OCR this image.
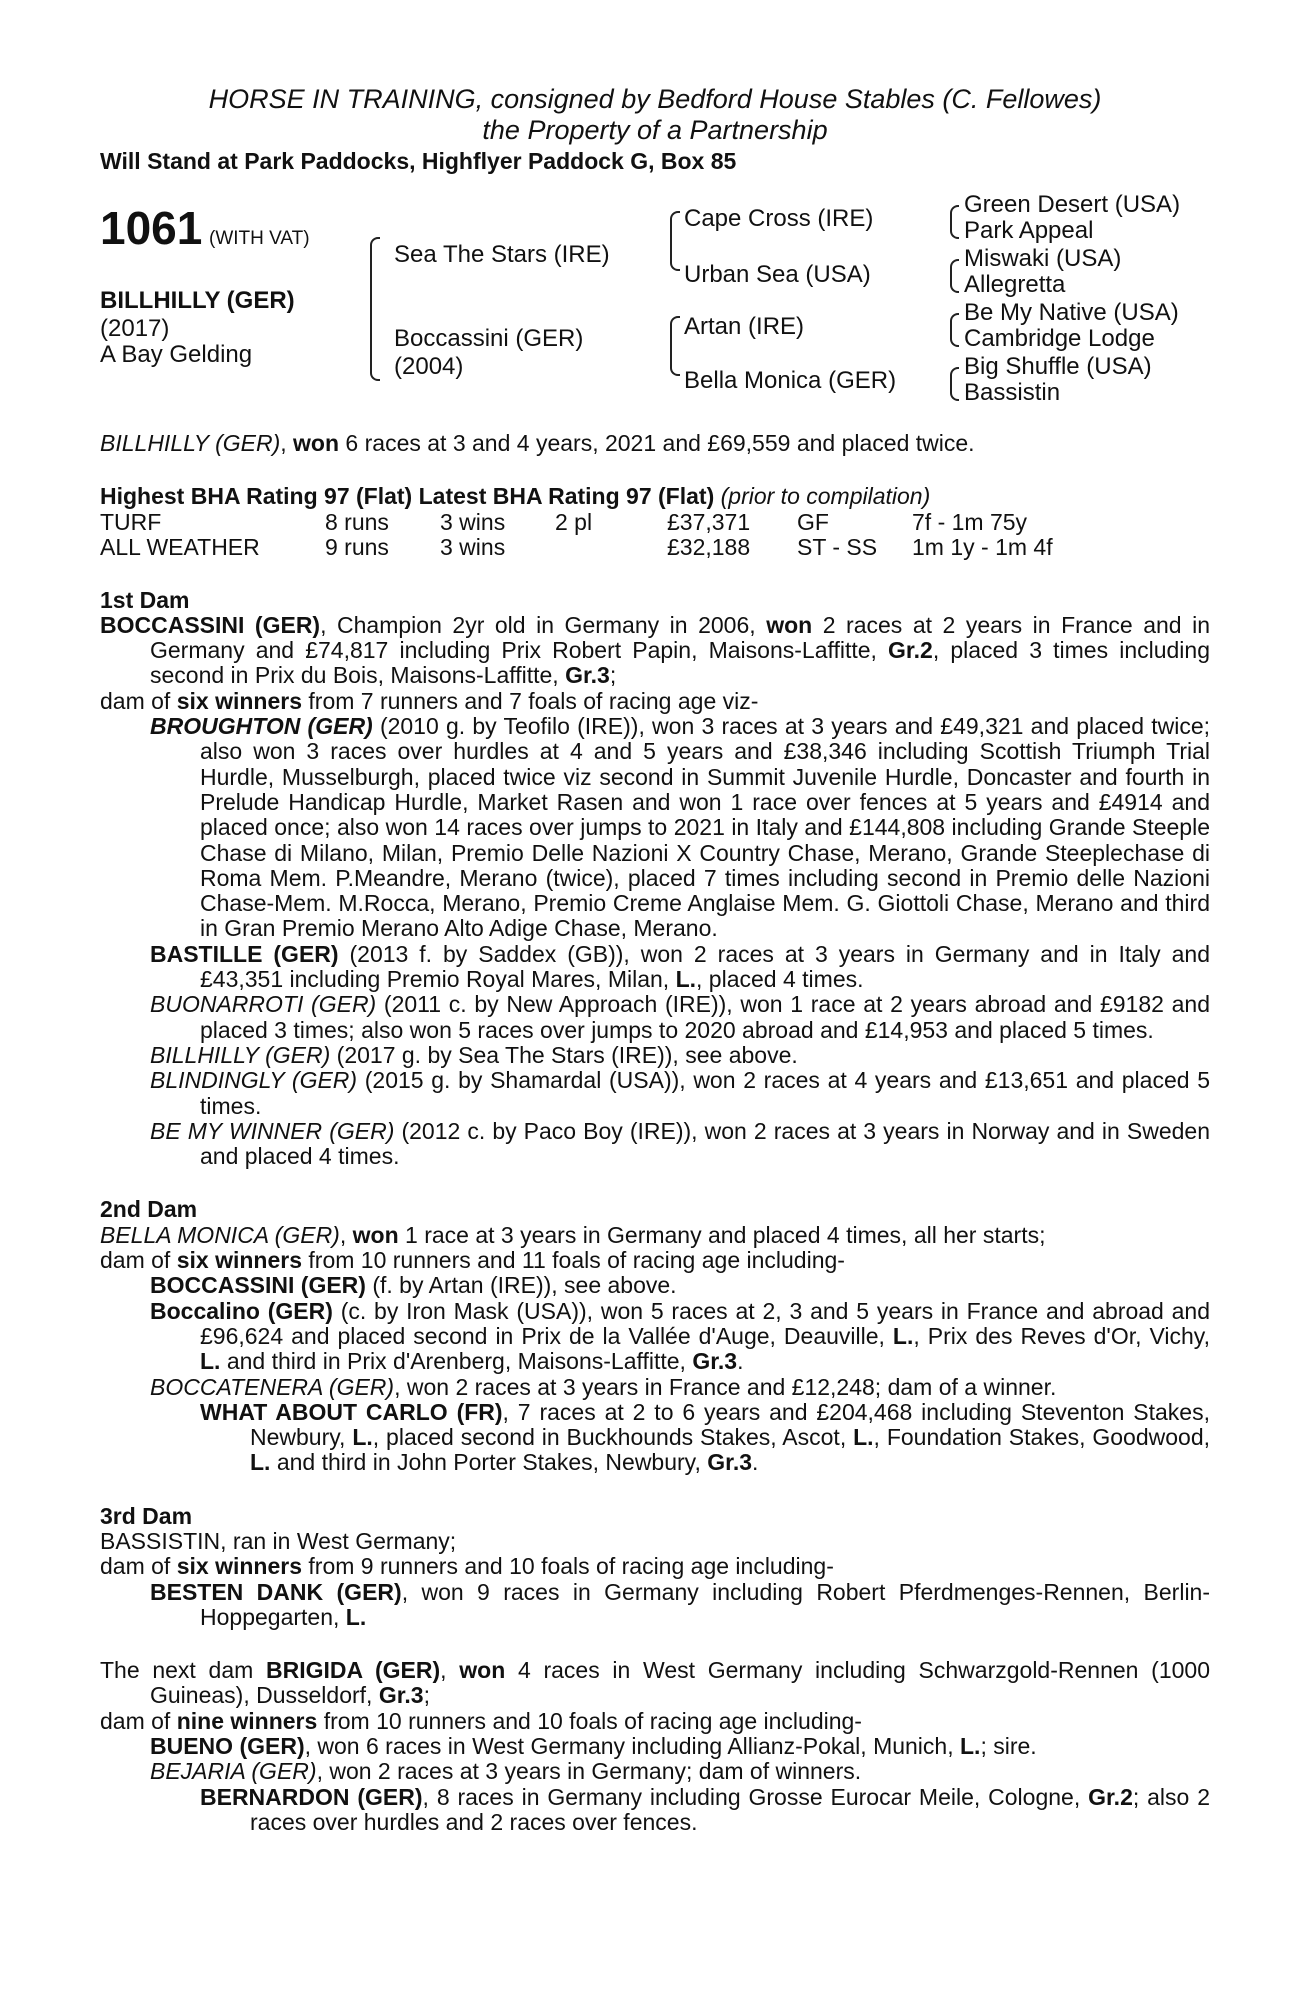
HORSE IN TRAINING, consigned by Bedford House Stables (C. Fellowes)
the Property of a Partnership
Will Stand at Park Paddocks, Highflyer Paddock G, Box 85
1061 (WITH VAT)
BILLHILLY (GER)
(2017)
A Bay Gelding
Sea The Stars (IRE)
Boccassini (GER)
(2004)
Cape Cross (IRE)
Urban Sea (USA)
Artan (IRE)
Bella Monica (GER)
Green Desert (USA)
Park Appeal
Miswaki (USA)
Allegretta
Be My Native (USA)
Cambridge Lodge
Big Shuffle (USA)
Bassistin
BILLHILLY (GER), won 6 races at 3 and 4 years, 2021 and £69,559 and placed twice.
Highest BHA Rating 97 (Flat) Latest BHA Rating 97 (Flat) (prior to compilation)
TURF	8 runs	3 wins	2 pl	£37,371	GF	7f - 1m 75y
ALL WEATHER	9 runs	3 wins	£32,188	ST - SS	1m 1y - 1m 4f
1st Dam
BOCCASSINI (GER), Champion 2yr old in Germany in 2006, won 2 races at 2 years in France and in Germany and £74,817 including Prix Robert Papin, Maisons-Laffitte, Gr.2, placed 3 times including second in Prix du Bois, Maisons-Laffitte, Gr.3;
dam of six winners from 7 runners and 7 foals of racing age viz-
BROUGHTON (GER) (2010 g. by Teofilo (IRE)), won 3 races at 3 years and £49,321 and placed twice; also won 3 races over hurdles at 4 and 5 years and £38,346 including Scottish Triumph Trial Hurdle, Musselburgh, placed twice viz second in Summit Juvenile Hurdle, Doncaster and fourth in Prelude Handicap Hurdle, Market Rasen and won 1 race over fences at 5 years and £4914 and placed once; also won 14 races over jumps to 2021 in Italy and £144,808 including Grande Steeple Chase di Milano, Milan, Premio Delle Nazioni X Country Chase, Merano, Grande Steeplechase di Roma Mem. P.Meandre, Merano (twice), placed 7 times including second in Premio delle Nazioni Chase-Mem. M.Rocca, Merano, Premio Creme Anglaise Mem. G. Giottoli Chase, Merano and third in Gran Premio Merano Alto Adige Chase, Merano.
BASTILLE (GER) (2013 f. by Saddex (GB)), won 2 races at 3 years in Germany and in Italy and £43,351 including Premio Royal Mares, Milan, L., placed 4 times.
BUONARROTI (GER) (2011 c. by New Approach (IRE)), won 1 race at 2 years abroad and £9182 and placed 3 times; also won 5 races over jumps to 2020 abroad and £14,953 and placed 5 times.
BILLHILLY (GER) (2017 g. by Sea The Stars (IRE)), see above.
BLINDINGLY (GER) (2015 g. by Shamardal (USA)), won 2 races at 4 years and £13,651 and placed 5 times.
BE MY WINNER (GER) (2012 c. by Paco Boy (IRE)), won 2 races at 3 years in Norway and in Sweden and placed 4 times.
2nd Dam
BELLA MONICA (GER), won 1 race at 3 years in Germany and placed 4 times, all her starts;
dam of six winners from 10 runners and 11 foals of racing age including-
BOCCASSINI (GER) (f. by Artan (IRE)), see above.
Boccalino (GER) (c. by Iron Mask (USA)), won 5 races at 2, 3 and 5 years in France and abroad and £96,624 and placed second in Prix de la Vallée d'Auge, Deauville, L., Prix des Reves d'Or, Vichy, L. and third in Prix d'Arenberg, Maisons-Laffitte, Gr.3.
BOCCATENERA (GER), won 2 races at 3 years in France and £12,248; dam of a winner.
WHAT ABOUT CARLO (FR), 7 races at 2 to 6 years and £204,468 including Steventon Stakes, Newbury, L., placed second in Buckhounds Stakes, Ascot, L., Foundation Stakes, Goodwood, L. and third in John Porter Stakes, Newbury, Gr.3.
3rd Dam
BASSISTIN, ran in West Germany;
dam of six winners from 9 runners and 10 foals of racing age including-
BESTEN DANK (GER), won 9 races in Germany including Robert Pferdmenges-Rennen, Berlin-Hoppegarten, L.
The next dam BRIGIDA (GER), won 4 races in West Germany including Schwarzgold-Rennen (1000 Guineas), Dusseldorf, Gr.3;
dam of nine winners from 10 runners and 10 foals of racing age including-
BUENO (GER), won 6 races in West Germany including Allianz-Pokal, Munich, L.; sire.
BEJARIA (GER), won 2 races at 3 years in Germany; dam of winners.
BERNARDON (GER), 8 races in Germany including Grosse Eurocar Meile, Cologne, Gr.2; also 2 races over hurdles and 2 races over fences.
